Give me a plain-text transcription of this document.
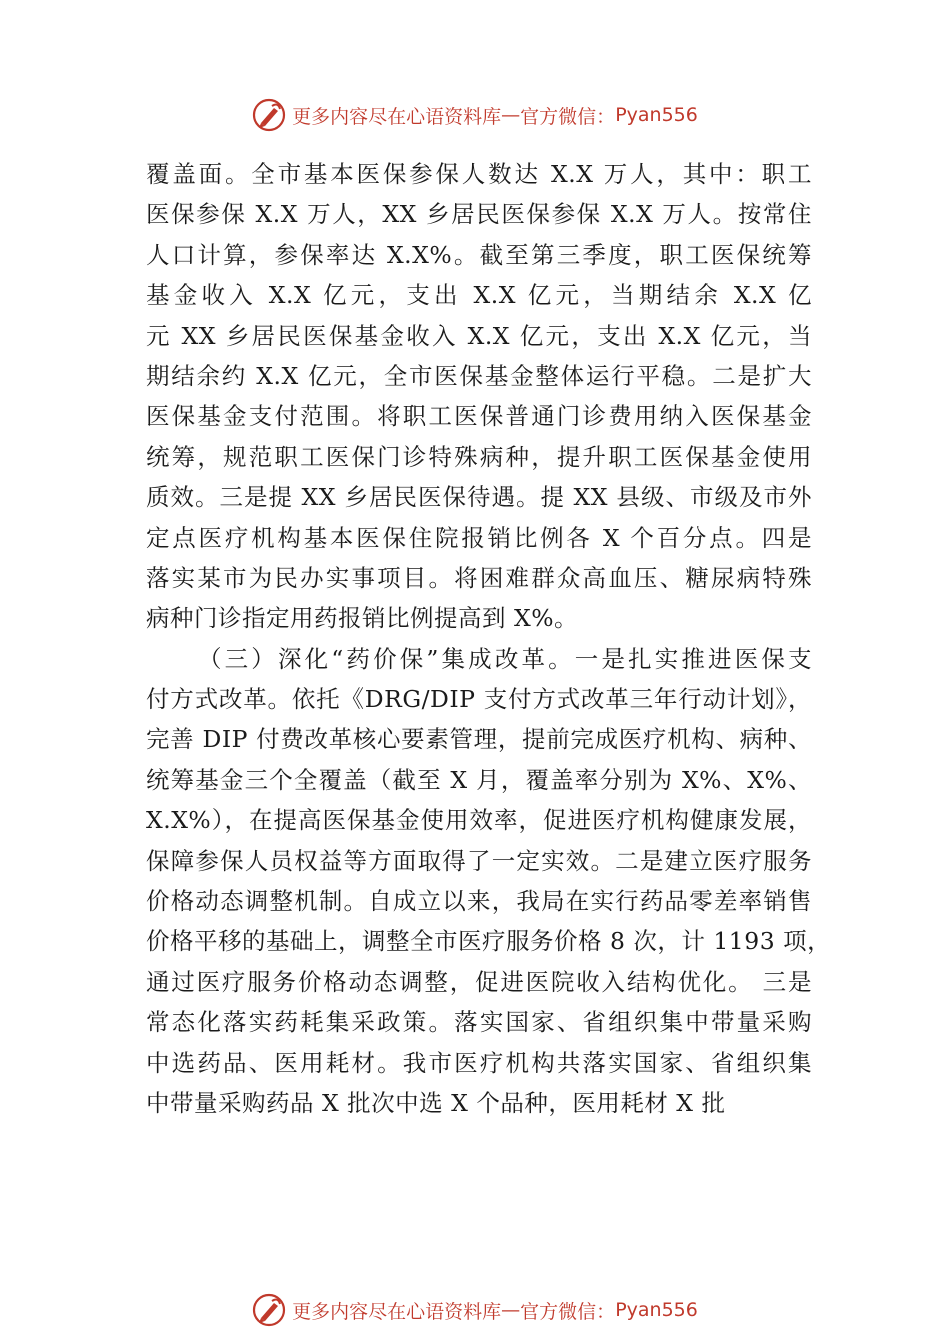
更多内容尽在心语资料库 — 官方微信： Pyan556
覆盖面。全市基本医保参保人数达 X.X 万人，其中：职工
医保参保 X.X 万人，XX 乡居民医保参保 X.X 万人。按常住
人口计算，参保率达 X.X%。截至第三季度，职工医保统筹
基金收入 X.X 亿元，支出 X.X 亿元，当期结余 X.X 亿
元 XX 乡居民医保基金收入 X.X 亿元，支出 X.X 亿元，当
期结余约 X.X 亿元，全市医保基金整体运行平稳。二是扩大
医保基金支付范围。将职工医保普通门诊费用纳入医保基金
统筹，规范职工医保门诊特殊病种，提升职工医保基金使用
质效。三是提 XX 乡居民医保待遇。提 XX 县级、市级及市外
定点医疗机构基本医保住院报销比例各 X 个百分点。四是
落实某市为民办实事项目。将困难群众高血压、糖尿病特殊
病种门诊指定用药报销比例提高到 X%。
（三）深化“药价保”集成改革。一是扎实推进医保支
付方式改革。依托《DRG/DIP 支付方式改革三年行动计划》，
完善 DIP 付费改革核心要素管理，提前完成医疗机构、病种、
统筹基金三个全覆盖（截至 X 月，覆盖率分别为 X%、X%、
X.X%），在提高医保基金使用效率，促进医疗机构健康发展，
保障参保人员权益等方面取得了一定实效。二是建立医疗服务
价格动态调整机制。自成立以来，我局在实行药品零差率销售
价格平移的基础上，调整全市医疗服务价格 8 次，计 1193 项，
通过医疗服务价格动态调整，促进医院收入结构优化。 三是
常态化落实药耗集采政策。落实国家、省组织集中带量采购
中选药品、医用耗材。我市医疗机构共落实国家、省组织集
中带量采购药品 X 批次中选 X 个品种，医用耗材 X 批
更多内容尽在心语资料库 — 官方微信： Pyan556
